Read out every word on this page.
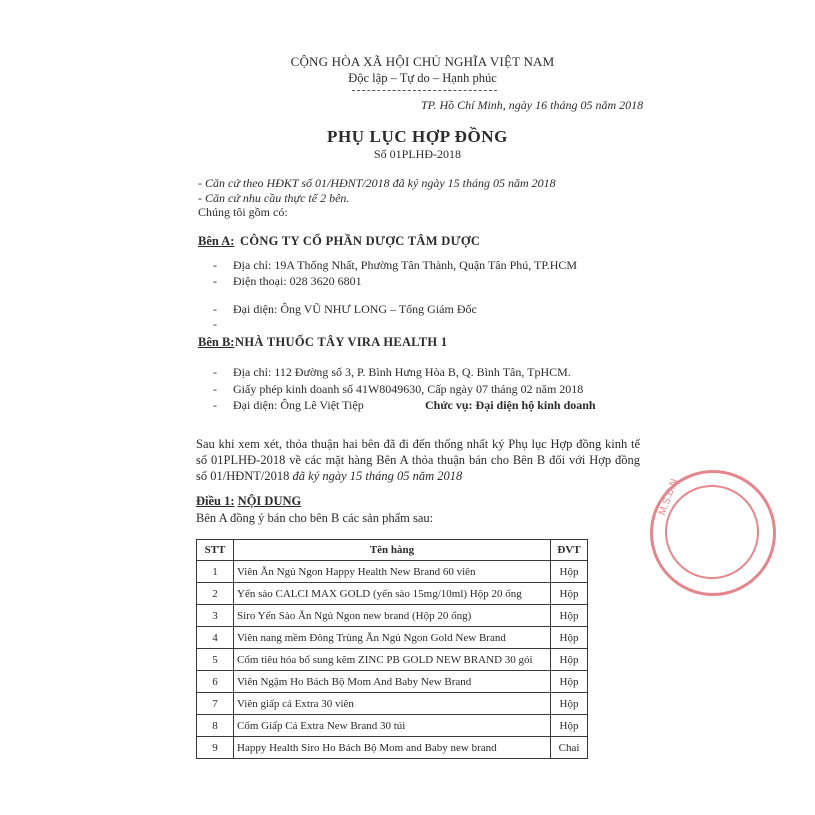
CỘNG HÒA XÃ HỘI CHỦ NGHĨA VIỆT NAM
Độc lập – Tự do – Hạnh phúc
TP. Hồ Chí Minh, ngày 16 tháng 05 năm 2018
PHỤ LỤC HỢP ĐỒNG
Số 01PLHĐ-2018
- Căn cứ theo HĐKT số 01/HĐNT/2018 đã ký ngày 15 tháng 05 năm 2018
- Căn cứ nhu cầu thực tế 2 bên.
Chúng tôi gồm có:
Bên A: CÔNG TY CỔ PHẦN DƯỢC TÂM DƯỢC
- Địa chỉ: 19A Thống Nhất, Phường Tân Thành, Quận Tân Phú, TP.HCM
- Điện thoại: 028 3620 6801
- Đại diện: Ông VŨ NHƯ LONG – Tổng Giám Đốc
-
Bên B: NHÀ THUỐC TÂY VIRA HEALTH 1
- Địa chỉ: 112 Đường số 3, P. Bình Hưng Hòa B, Q. Bình Tân, TpHCM.
- Giấy phép kinh doanh số 41W8049630, Cấp ngày 07 tháng 02 năm 2018
- Đại diện: Ông Lê Việt Tiệp	Chức vụ: Đại diện hộ kinh doanh
Sau khi xem xét, thỏa thuận hai bên đã đi đến thống nhất ký Phụ lục Hợp đồng kinh tế số 01PLHĐ-2018 về các mặt hàng Bên A thỏa thuận bán cho Bên B đối với Hợp đồng số 01/HĐNT/2018 đã ký ngày 15 tháng 05 năm 2018
Điều 1: NỘI DUNG
Bên A đồng ý bán cho bên B các sản phẩm sau:
STT	Tên hàng	ĐVT
1	Viên Ăn Ngủ Ngon Happy Health New Brand 60 viên	Hộp
2	Yến sào CALCI MAX GOLD (yến sào 15mg/10ml) Hộp 20 ống	Hộp
3	Siro Yến Sào Ăn Ngủ Ngon new brand (Hộp 20 ống)	Hộp
4	Viên nang mềm Đông Trùng Ăn Ngủ Ngon Gold New Brand	Hộp
5	Cốm tiêu hóa bổ sung kẽm ZINC PB GOLD NEW BRAND 30 gói	Hộp
6	Viên Ngậm Ho Bách Bộ Mom And Baby New Brand	Hộp
7	Viên giấp cá Extra 30 viên	Hộp
8	Cốm Giấp Cá Extra New Brand 30 túi	Hộp
9	Happy Health Siro Ho Bách Bộ Mom and Baby new brand	Chai
M.S.D.N
